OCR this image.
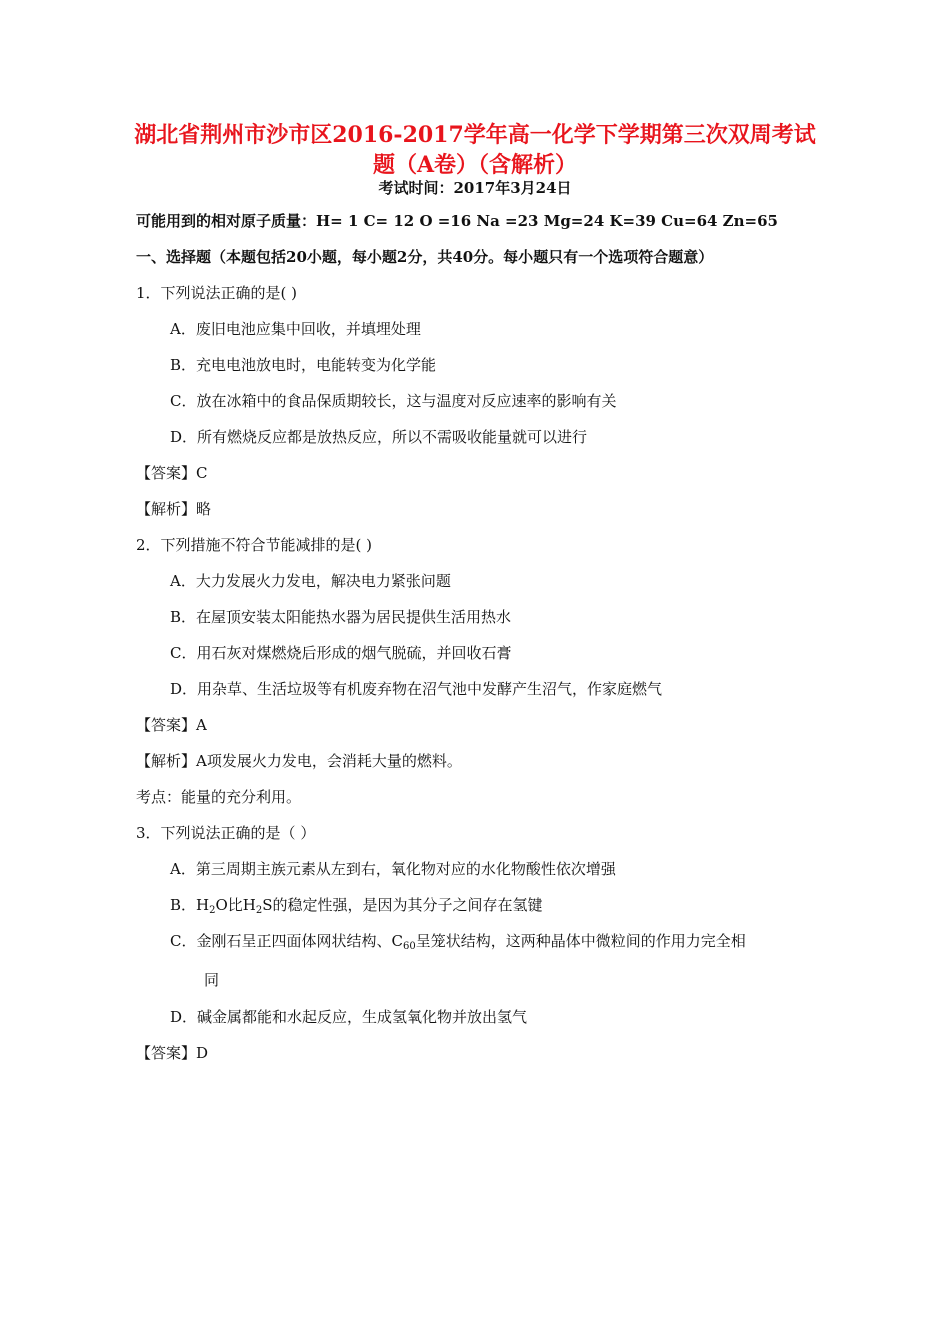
湖北省荆州市沙市区2016-2017学年高一化学下学期第三次双周考试
题（A卷）（含解析）
考试时间：2017年3月24日
可能用到的相对原子质量：H= 1 C= 12 O =16 Na =23 Mg=24 K=39 Cu=64 Zn=65
一、选择题（本题包括20小题，每小题2分，共40分。每小题只有一个选项符合题意）
1．下列说法正确的是( )
A．废旧电池应集中回收，并填埋处理
B．充电电池放电时，电能转变为化学能
C．放在冰箱中的食品保质期较长，这与温度对反应速率的影响有关
D．所有燃烧反应都是放热反应，所以不需吸收能量就可以进行
【答案】C
【解析】略
2．下列措施不符合节能减排的是( )
A．大力发展火力发电，解决电力紧张问题
B．在屋顶安装太阳能热水器为居民提供生活用热水
C．用石灰对煤燃烧后形成的烟气脱硫，并回收石膏
D．用杂草、生活垃圾等有机废弃物在沼气池中发酵产生沼气，作家庭燃气
【答案】A
【解析】A项发展火力发电，会消耗大量的燃料。
考点：能量的充分利用。
3．下列说法正确的是（ ）
A．第三周期主族元素从左到右，氧化物对应的水化物酸性依次增强
B．$H_2O$比$H_2S$的稳定性强，是因为其分子之间存在氢键
C．金刚石呈正四面体网状结构、$C_{60}$呈笼状结构，这两种晶体中微粒间的作用力完全相
同
D．碱金属都能和水起反应，生成氢氧化物并放出氢气
【答案】D
